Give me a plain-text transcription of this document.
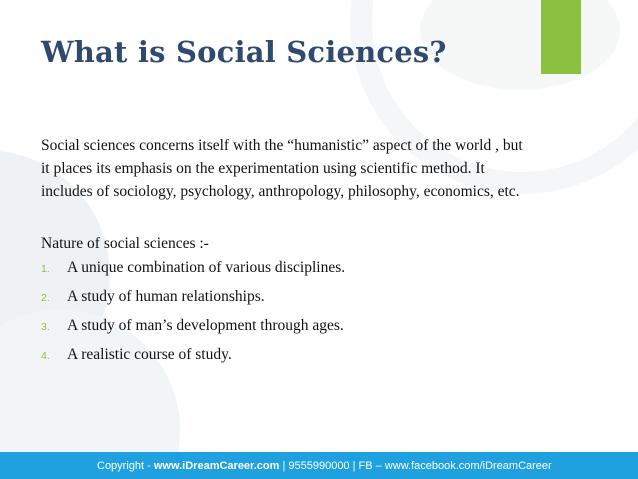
What is Social Sciences?

Social sciences concerns itself with the “humanistic” aspect of the world , but

it places its emphasis on the experimentation using scientific method. It

includes of sociology, psychology, anthropology, philosophy, economics, etc.

Nature of social sciences :-
1.	A unique combination of various disciplines.
2.	A study of human relationships.
3.	A study of man’s development through ages.
4.	A realistic course of study.
Copyright - www.iDreamCareer.com | 9555990000 | FB – www.facebook.com/iDreamCareer
